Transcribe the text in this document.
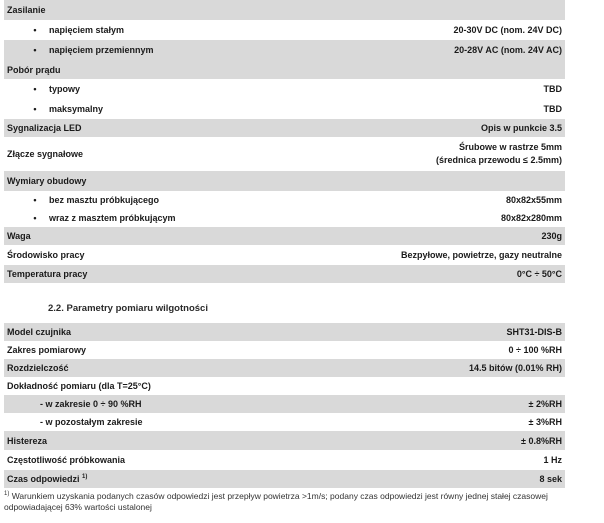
Zasilanie	
• napięciem stałym	20-30V DC (nom. 24V DC)
• napięciem przemiennym	20-28V AC (nom. 24V AC)
Pobór prądu	
• typowy	TBD
• maksymalny	TBD
Sygnalizacja LED	Opis w punkcie 3.5
Złącze sygnałowe	Śrubowe w rastrze 5mm
(średnica przewodu ≤ 2.5mm)

Wymiary obudowy	
• bez masztu próbkującego	80x82x55mm
• wraz z masztem próbkującym	80x82x280mm
Waga	230g
Środowisko pracy	Bezpyłowe, powietrze, gazy neutralne
Temperatura pracy	0°C ÷ 50°C
2.2. Parametry pomiaru wilgotności
Model czujnika	SHT31-DIS-B
Zakres pomiarowy	0 ÷ 100 %RH
Rozdzielczość	14.5 bitów (0.01% RH)
Dokładność pomiaru (dla T=25°C)	
- w zakresie 0 ÷ 90 %RH	± 2%RH
- w pozostałym zakresie	± 3%RH
Histereza	± 0.8%RH
Częstotliwość próbkowania	1 Hz
Czas odpowiedzi $^{1)}$	8 sek
$^{1)}$ Warunkiem uzyskania podanych czasów odpowiedzi jest przepływ powietrza >1m/s; podany czas odpowiedzi jest równy jednej stałej czasowej
odpowiadającej 63% wartości ustalonej
